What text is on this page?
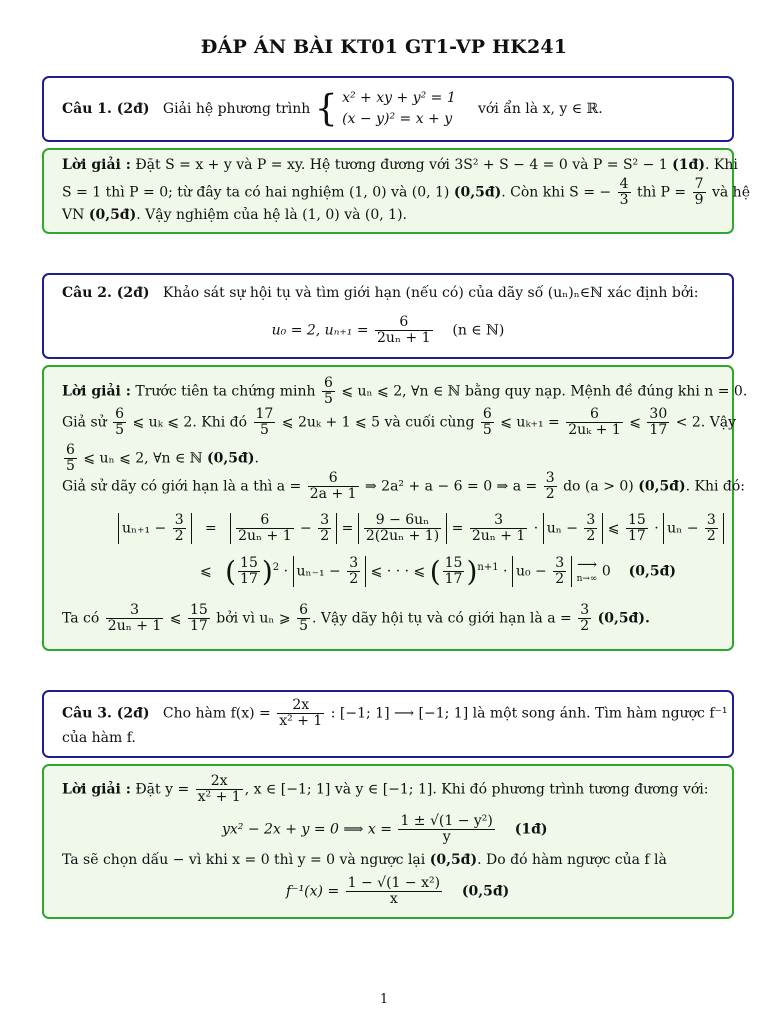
ĐÁP ÁN BÀI KT01 GT1-VP HK241
Câu 1. (2đ) Giải hệ phương trình { x² + xy + y² = 1
(x − y)² = x + y
với ẩn là x, y ∈ ℝ.
Lời giải : Đặt S = x + y và P = xy. Hệ tương đương với 3S² + S − 4 = 0 và P = S² − 1 (1đ). Khi
S = 1 thì P = 0; từ đây ta có hai nghiệm (1, 0) và (0, 1) (0,5đ). Còn khi S = − $\frac{4}{3}$ thì $P = \frac{7}{9}$ và hệ
VN (0,5đ). Vậy nghiệm của hệ là (1, 0) và (0, 1).
Câu 2. (2đ) Khảo sát sự hội tụ và tìm giới hạn (nếu có) của dãy số (uₙ)ₙ∈ℕ xác định bởi:
u₀ = 2, $u_{n+1} = \frac{6}{\text{2uₙ + 1}} (n$ ∈ ℕ)
Lời giải : Trước tiên ta chứng minh $\frac{6}{5}$ ⩽ uₙ ⩽ 2, ∀n ∈ ℕ bằng quy nạp. Mệnh đề đúng khi n = 0.
Giả sử $\frac{6}{5}$ ⩽ uₖ ⩽ 2. Khi đó $\frac{17}{5}$ ⩽ 2uₖ + 1 ⩽ 5 và cuối cùng $\frac{6}{5}$ ⩽ $u_{k+1} = \frac{6}{\text{2uₖ + 1}}$ ⩽ $\frac{30}{17} < 2$. Vậy
$\frac{6}{5}$ ⩽ uₙ ⩽ 2, ∀n ∈ ℕ (0,5đ).
Giả sử dãy có giới hạn là a thì $a = \frac{6}{2a + 1}$ ⇒ 2a² + a − 6 = 0 ⇒ $a = \frac{3}{2}$ do (a > 0) (0,5đ). Khi đó:
$u_{n+1} - \frac{3}{2} = \frac{6}{\text{2uₙ + 1}} - \frac{3}{2} = \frac{\text{9 − 6uₙ}}{\text{2(2uₙ + 1)}} = \frac{3}{\text{2uₙ + 1}} \cdot u_n - \frac{3}{2}$ ⩽ $\frac{15}{17} \cdot u_n - \frac{3}{2}$
⩽   ( $\frac{15}{17} )^2 \cdot u_{n-1} - \frac{3}{2}$ ⩽ · · · ⩽ ( $\frac{15}{17} )^{n+1} \cdot u_0 - \frac{3}{2}$ ⟶
n→∞ 0    (0,5đ)
Ta có $\frac{3}{\text{2uₙ + 1}}$ ⩽ $\frac{15}{17}$ bởi vì uₙ ⩾ $\frac{6}{5}$ . Vậy dãy hội tụ và có giới hạn là $a = \frac{3}{2}$ (0,5đ).
Câu 3. (2đ) Cho hàm $f(x) = \frac{2x}{\text{x² + 1}}$ : [−1; 1] ⟶ [−1; 1] là một song ánh. Tìm hàm ngược f⁻¹
của hàm f.
Lời giải : Đặt $y = \frac{2x}{\text{x² + 1}}$ , x ∈ [−1; 1] và y ∈ [−1; 1]. Khi đó phương trình tương đương với:
yx² − 2x + y = 0 ⟹ $x = \frac{\text{1 ± √(1 − y²)}}{y}$ (1đ)
Ta sẽ chọn dấu − vì khi x = 0 thì y = 0 và ngược lại (0,5đ). Do đó hàm ngược của f là
$f^{-1}(x) = \frac{\text{1 − √(1 − x²)}}{x}$ (0,5đ)
1
